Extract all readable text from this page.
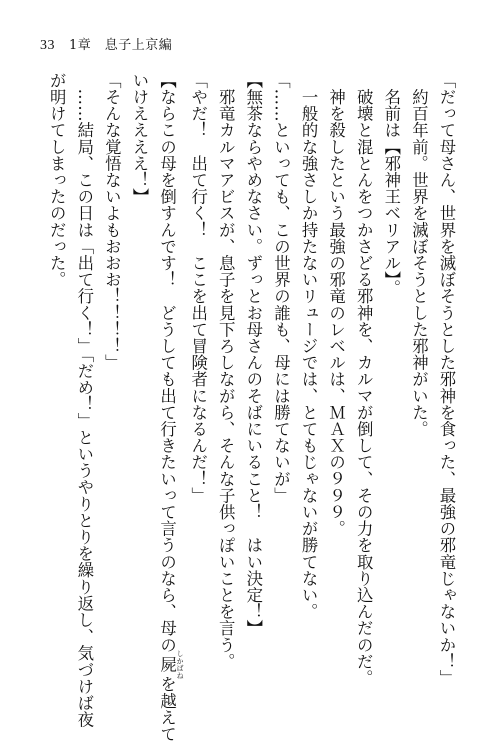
33 1章　息子上京編
「だって母さん、世界を滅ぼそうとした邪神を食った、最強の邪竜じゃないか！」
　約百年前。世界を滅ぼそうとした邪神がいた。
　名前は【邪神王ベリアル】。
　破壊と混とんをつかさどる邪神を、カルマが倒して、その力を取り込んだのだ。
　神を殺したという最強の邪竜のレベルは、ＭＡＸの９９９。
　一般的な強さしか持たないリュージでは、とてもじゃないが勝てない。
「……といっても、この世界の誰も、母には勝てないが」
【無茶ならやめなさい。ずっとお母さんのそばにいること！　はい決定！】
　邪竜カルマアビスが、息子を見下ろしながら、そんな子供っぽいことを言う。
「やだ！　出て行く！　ここを出て冒険者になるんだ！」
【ならこの母を倒すんです！　どうしても出て行きたいって言うのなら、母の屍 しかばねを越えて
いけええええ！】
「そんな覚悟ないよもおおお！！！！」
　……結局、この日は「出て行く！」「だめ！」というやりとりを繰り返し、気づけば夜
が明けてしまったのだった。
